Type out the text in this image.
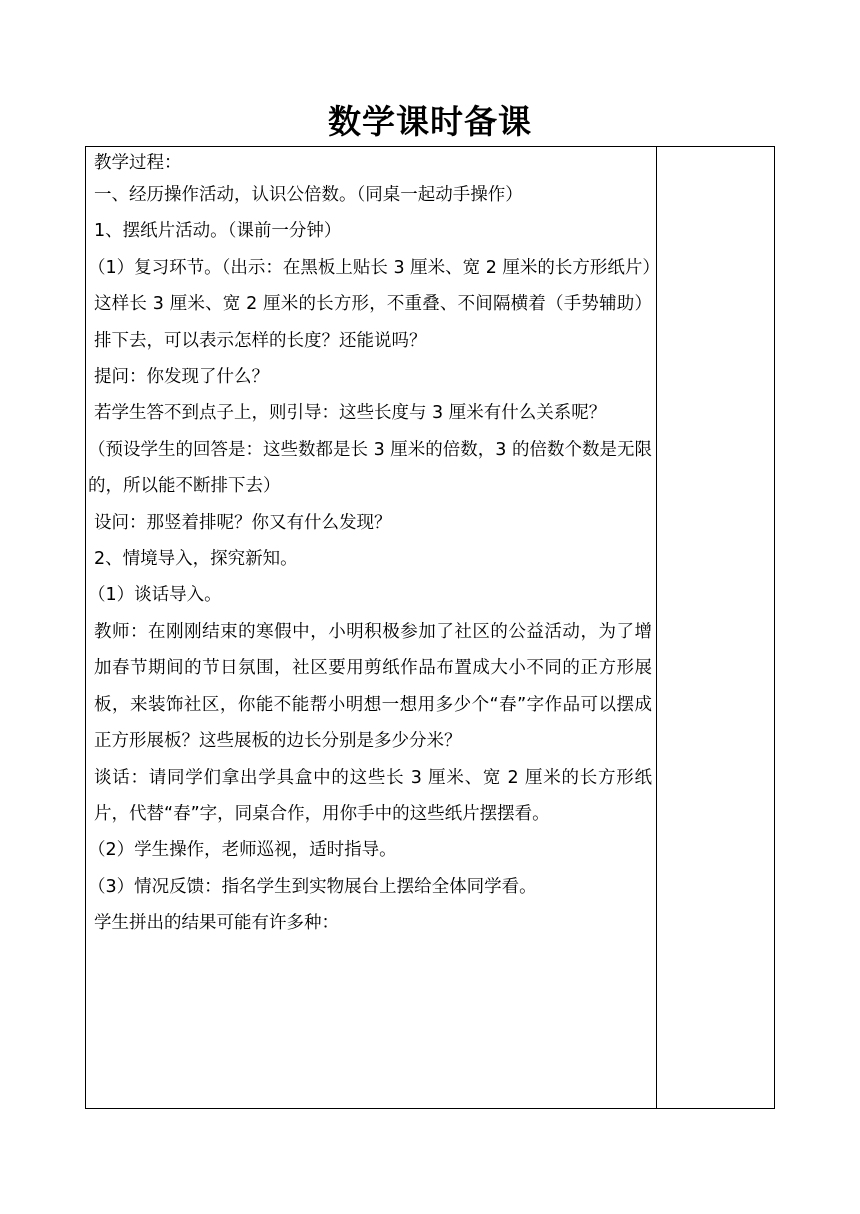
数学课时备课

教学过程：

一、经历操作活动，认识公倍数。（同桌一起动手操作）

1、摆纸片活动。（课前一分钟）

（1）复习环节。（出示：在黑板上贴长 3 厘米、宽 2 厘米的长方形纸片）

这样长 3 厘米、宽 2 厘米的长方形，不重叠、不间隔横着（手势辅助）排下去，可以表示怎样的长度？还能说吗？

提问：你发现了什么？

若学生答不到点子上，则引导：这些长度与 3 厘米有什么关系呢？

（预设学生的回答是：这些数都是长 3 厘米的倍数，3 的倍数个数是无限的，所以能不断排下去）

设问：那竖着排呢？你又有什么发现？

2、情境导入，探究新知。

（1）谈话导入。

教师：在刚刚结束的寒假中，小明积极参加了社区的公益活动，为了增加春节期间的节日氛围，社区要用剪纸作品布置成大小不同的正方形展板，来装饰社区，你能不能帮小明想一想用多少个“春”字作品可以摆成正方形展板？这些展板的边长分别是多少分米？

谈话：请同学们拿出学具盒中的这些长 3 厘米、宽 2 厘米的长方形纸片，代替“春”字，同桌合作，用你手中的这些纸片摆摆看。

（2）学生操作，老师巡视，适时指导。

（3）情况反馈：指名学生到实物展台上摆给全体同学看。

学生拼出的结果可能有许多种：
